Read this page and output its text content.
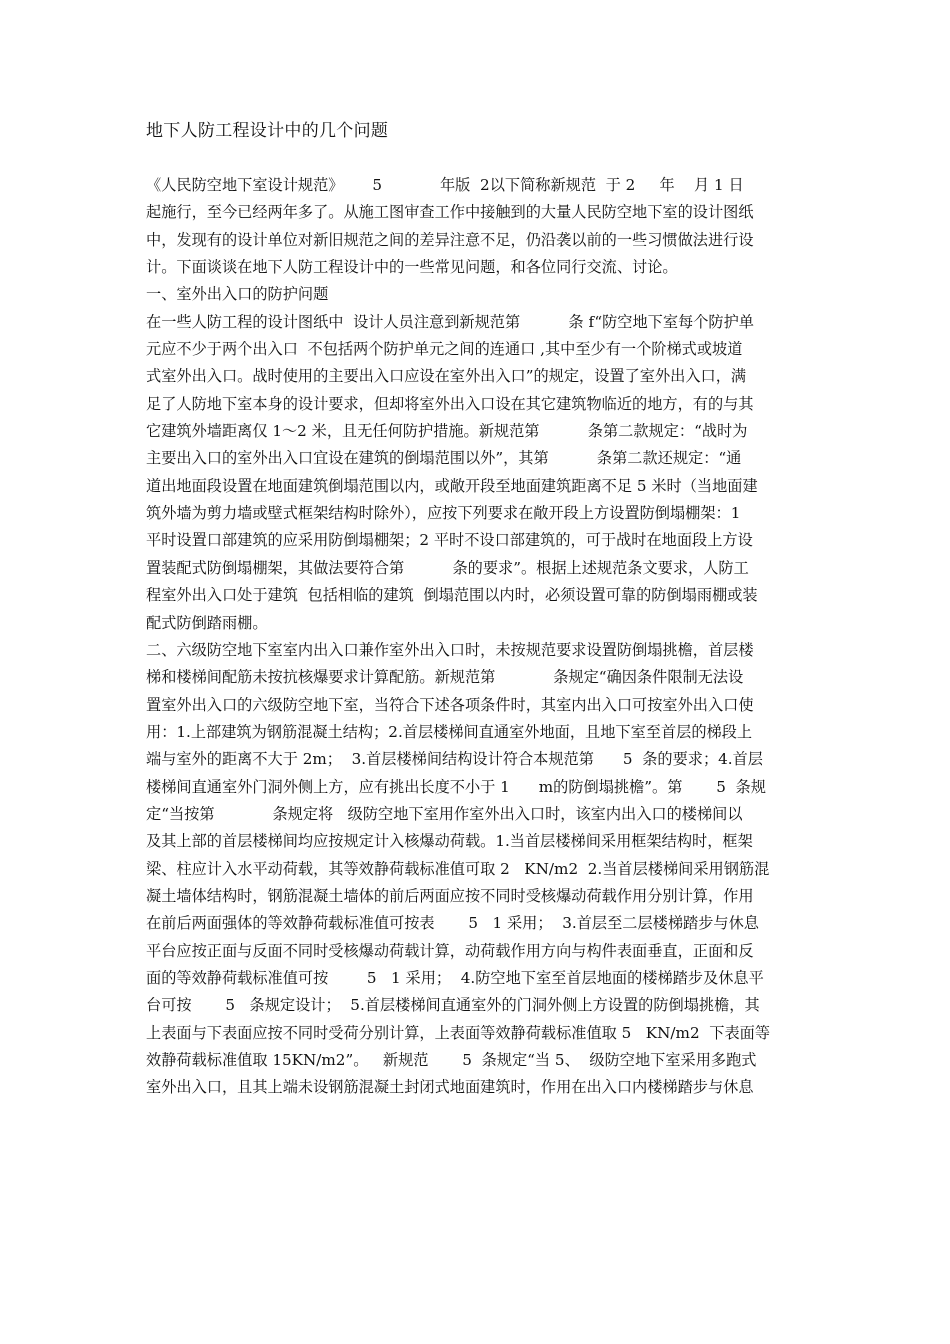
地下人防工程设计中的几个问题
《人民防空地下室设计规范》      5            年版  2以下简称新规范  于 2     年    月 1 日
起施行，至今已经两年多了。从施工图审查工作中接触到的大量人民防空地下室的设计图纸
中，发现有的设计单位对新旧规范之间的差异注意不足，仍沿袭以前的一些习惯做法进行设
计。下面谈谈在地下人防工程设计中的一些常见问题，和各位同行交流、讨论。
一、室外出入口的防护问题
在一些人防工程的设计图纸中  设计人员注意到新规范第          条 f“防空地下室每个防护单
元应不少于两个出入口  不包括两个防护单元之间的连通口 ,其中至少有一个阶梯式或坡道
式室外出入口。战时使用的主要出入口应设在室外出入口”的规定，设置了室外出入口，满
足了人防地下室本身的设计要求，但却将室外出入口设在其它建筑物临近的地方，有的与其
它建筑外墙距离仅 1～2 米，且无任何防护措施。新规范第          条第二款规定：“战时为
主要出入口的室外出入口宜设在建筑的倒塌范围以外”，其第          条第二款还规定：“通
道出地面段设置在地面建筑倒塌范围以内，或敞开段至地面建筑距离不足 5 米时（当地面建
筑外墙为剪力墙或壁式框架结构时除外），应按下列要求在敞开段上方设置防倒塌棚架：1
平时设置口部建筑的应采用防倒塌棚架；2 平时不设口部建筑的，可于战时在地面段上方设
置装配式防倒塌棚架，其做法要符合第          条的要求”。根据上述规范条文要求，人防工
程室外出入口处于建筑  包括相临的建筑  倒塌范围以内时，必须设置可靠的防倒塌雨棚或装
配式防倒踏雨棚。
二、六级防空地下室室内出入口兼作室外出入口时，未按规范要求设置防倒塌挑檐，首层楼
梯和楼梯间配筋未按抗核爆要求计算配筋。新规范第            条规定“确因条件限制无法设
置室外出入口的六级防空地下室，当符合下述各项条件时，其室内出入口可按室外出入口使
用：1.上部建筑为钢筋混凝土结构；2.首层楼梯间直通室外地面，且地下室至首层的梯段上
端与室外的距离不大于 2m；  3.首层楼梯间结构设计符合本规范第      5  条的要求；4.首层
楼梯间直通室外门洞外侧上方，应有挑出长度不小于 1      m的防倒塌挑檐”。第       5  条规
定“当按第            条规定将   级防空地下室用作室外出入口时，该室内出入口的楼梯间以
及其上部的首层楼梯间均应按规定计入核爆动荷载。1.当首层楼梯间采用框架结构时，框架
梁、柱应计入水平动荷载，其等效静荷载标准值可取 2   KN/m2  2.当首层楼梯间采用钢筋混
凝土墙体结构时，钢筋混凝土墙体的前后两面应按不同时受核爆动荷载作用分别计算，作用
在前后两面强体的等效静荷载标准值可按表       5   1 采用；  3.首层至二层楼梯踏步与休息
平台应按正面与反面不同时受核爆动荷载计算，动荷载作用方向与构件表面垂直，正面和反
面的等效静荷载标准值可按        5   1 采用；  4.防空地下室至首层地面的楼梯踏步及休息平
台可按       5   条规定设计；  5.首层楼梯间直通室外的门洞外侧上方设置的防倒塌挑檐，其
上表面与下表面应按不同时受荷分别计算，上表面等效静荷载标准值取 5   KN/m2  下表面等
效静荷载标准值取 15KN/m2”。   新规范       5  条规定“当 5、  级防空地下室采用多跑式
室外出入口，且其上端未设钢筋混凝土封闭式地面建筑时，作用在出入口内楼梯踏步与休息
